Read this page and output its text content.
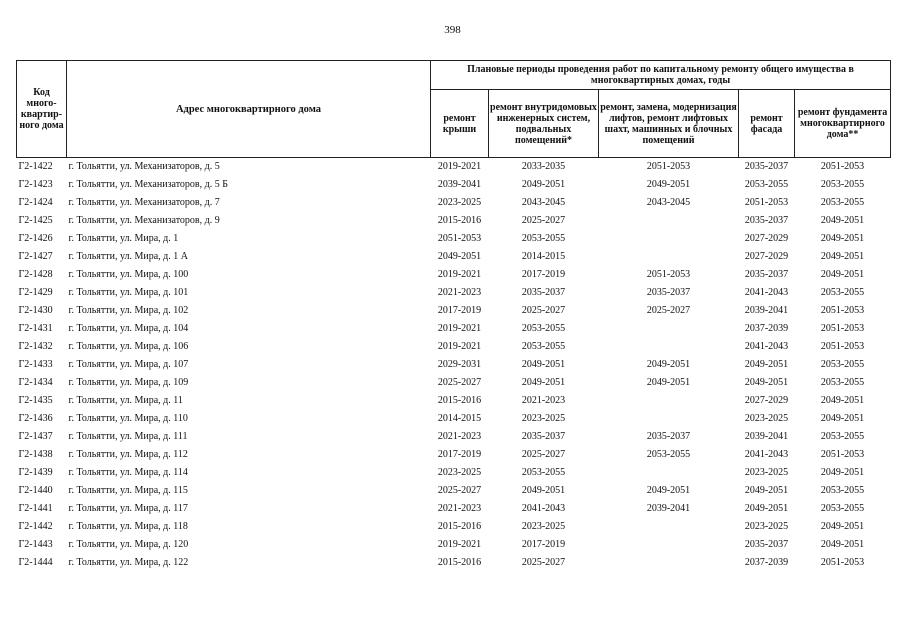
398
Код много-квартир-ного дома	Адрес многоквартирного дома	Плановые периоды проведения работ по капитальному ремонту общего имущества в многоквартирных домах, годы				
		ремонт крыши	ремонт внутридомовых инженерных систем, подвальных помещений*	ремонт, замена, модернизация лифтов, ремонт лифтовых шахт, машинных и блочных помещений	ремонт фасада	ремонт фундамента многоквартирного дома**
Г2-1422	г. Тольятти, ул. Механизаторов, д. 5	2019-2021	2033-2035	2051-2053	2035-2037	2051-2053
Г2-1423	г. Тольятти, ул. Механизаторов, д. 5 Б	2039-2041	2049-2051	2049-2051	2053-2055	2053-2055
Г2-1424	г. Тольятти, ул. Механизаторов, д. 7	2023-2025	2043-2045	2043-2045	2051-2053	2053-2055
Г2-1425	г. Тольятти, ул. Механизаторов, д. 9	2015-2016	2025-2027		2035-2037	2049-2051
Г2-1426	г. Тольятти, ул. Мира, д. 1	2051-2053	2053-2055		2027-2029	2049-2051
Г2-1427	г. Тольятти, ул. Мира, д. 1 А	2049-2051	2014-2015		2027-2029	2049-2051
Г2-1428	г. Тольятти, ул. Мира, д. 100	2019-2021	2017-2019	2051-2053	2035-2037	2049-2051
Г2-1429	г. Тольятти, ул. Мира, д. 101	2021-2023	2035-2037	2035-2037	2041-2043	2053-2055
Г2-1430	г. Тольятти, ул. Мира, д. 102	2017-2019	2025-2027	2025-2027	2039-2041	2051-2053
Г2-1431	г. Тольятти, ул. Мира, д. 104	2019-2021	2053-2055		2037-2039	2051-2053
Г2-1432	г. Тольятти, ул. Мира, д. 106	2019-2021	2053-2055		2041-2043	2051-2053
Г2-1433	г. Тольятти, ул. Мира, д. 107	2029-2031	2049-2051	2049-2051	2049-2051	2053-2055
Г2-1434	г. Тольятти, ул. Мира, д. 109	2025-2027	2049-2051	2049-2051	2049-2051	2053-2055
Г2-1435	г. Тольятти, ул. Мира, д. 11	2015-2016	2021-2023		2027-2029	2049-2051
Г2-1436	г. Тольятти, ул. Мира, д. 110	2014-2015	2023-2025		2023-2025	2049-2051
Г2-1437	г. Тольятти, ул. Мира, д. 111	2021-2023	2035-2037	2035-2037	2039-2041	2053-2055
Г2-1438	г. Тольятти, ул. Мира, д. 112	2017-2019	2025-2027	2053-2055	2041-2043	2051-2053
Г2-1439	г. Тольятти, ул. Мира, д. 114	2023-2025	2053-2055		2023-2025	2049-2051
Г2-1440	г. Тольятти, ул. Мира, д. 115	2025-2027	2049-2051	2049-2051	2049-2051	2053-2055
Г2-1441	г. Тольятти, ул. Мира, д. 117	2021-2023	2041-2043	2039-2041	2049-2051	2053-2055
Г2-1442	г. Тольятти, ул. Мира, д. 118	2015-2016	2023-2025		2023-2025	2049-2051
Г2-1443	г. Тольятти, ул. Мира, д. 120	2019-2021	2017-2019		2035-2037	2049-2051
Г2-1444	г. Тольятти, ул. Мира, д. 122	2015-2016	2025-2027		2037-2039	2051-2053
